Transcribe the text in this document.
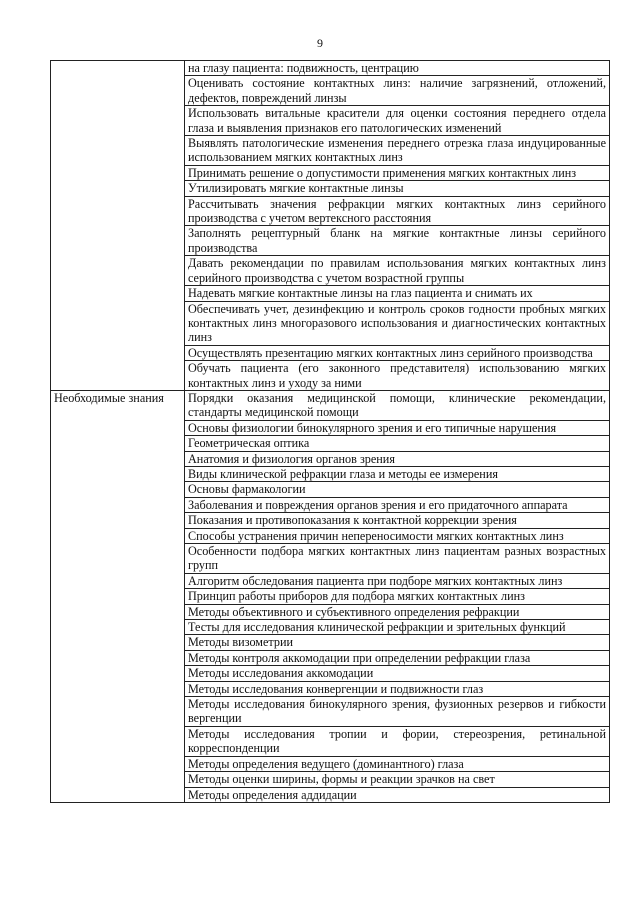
9
	на глазу пациента: подвижность, центрацию
	Оценивать состояние контактных линз: наличие загрязнений, отложений, дефектов, повреждений линзы
	Использовать витальные красители для оценки состояния переднего отдела глаза и выявления признаков его патологических изменений
	Выявлять патологические изменения переднего отрезка глаза индуцированные использованием мягких контактных линз
	Принимать решение о допустимости применения мягких контактных линз
	Утилизировать мягкие контактные линзы
	Рассчитывать значения рефракции мягких контактных линз серийного производства с учетом вертексного расстояния
	Заполнять рецептурный бланк на мягкие контактные линзы серийного производства
	Давать рекомендации по правилам использования мягких контактных линз серийного производства с учетом возрастной группы
	Надевать мягкие контактные линзы на глаз пациента и снимать их
	Обеспечивать учет, дезинфекцию и контроль сроков годности пробных мягких контактных линз многоразового использования и диагностических контактных линз
	Осуществлять презентацию мягких контактных линз серийного производства
	Обучать пациента (его законного представителя) использованию мягких контактных линз и уходу за ними
Необходимые знания	Порядки оказания медицинской помощи, клинические рекомендации, стандарты медицинской помощи
	Основы физиологии бинокулярного зрения и его типичные нарушения
	Геометрическая оптика
	Анатомия и физиология органов зрения
	Виды клинической рефракции глаза и методы ее измерения
	Основы фармакологии
	Заболевания и повреждения органов зрения и его придаточного аппарата
	Показания и противопоказания к контактной коррекции зрения
	Способы устранения причин непереносимости мягких контактных линз
	Особенности подбора мягких контактных линз пациентам разных возрастных групп
	Алгоритм обследования пациента при подборе мягких контактных линз
	Принцип работы приборов для подбора мягких контактных линз
	Методы объективного и субъективного определения рефракции
	Тесты для исследования клинической рефракции и зрительных функций
	Методы визометрии
	Методы контроля аккомодации при определении рефракции глаза
	Методы исследования аккомодации
	Методы исследования конвергенции и подвижности глаз
	Методы исследования бинокулярного зрения, фузионных резервов и гибкости вергенции
	Методы исследования тропии и фории, стереозрения, ретинальной корреспонденции
	Методы определения ведущего (доминантного) глаза
	Методы оценки ширины, формы и реакции зрачков на свет
	Методы определения аддидации
